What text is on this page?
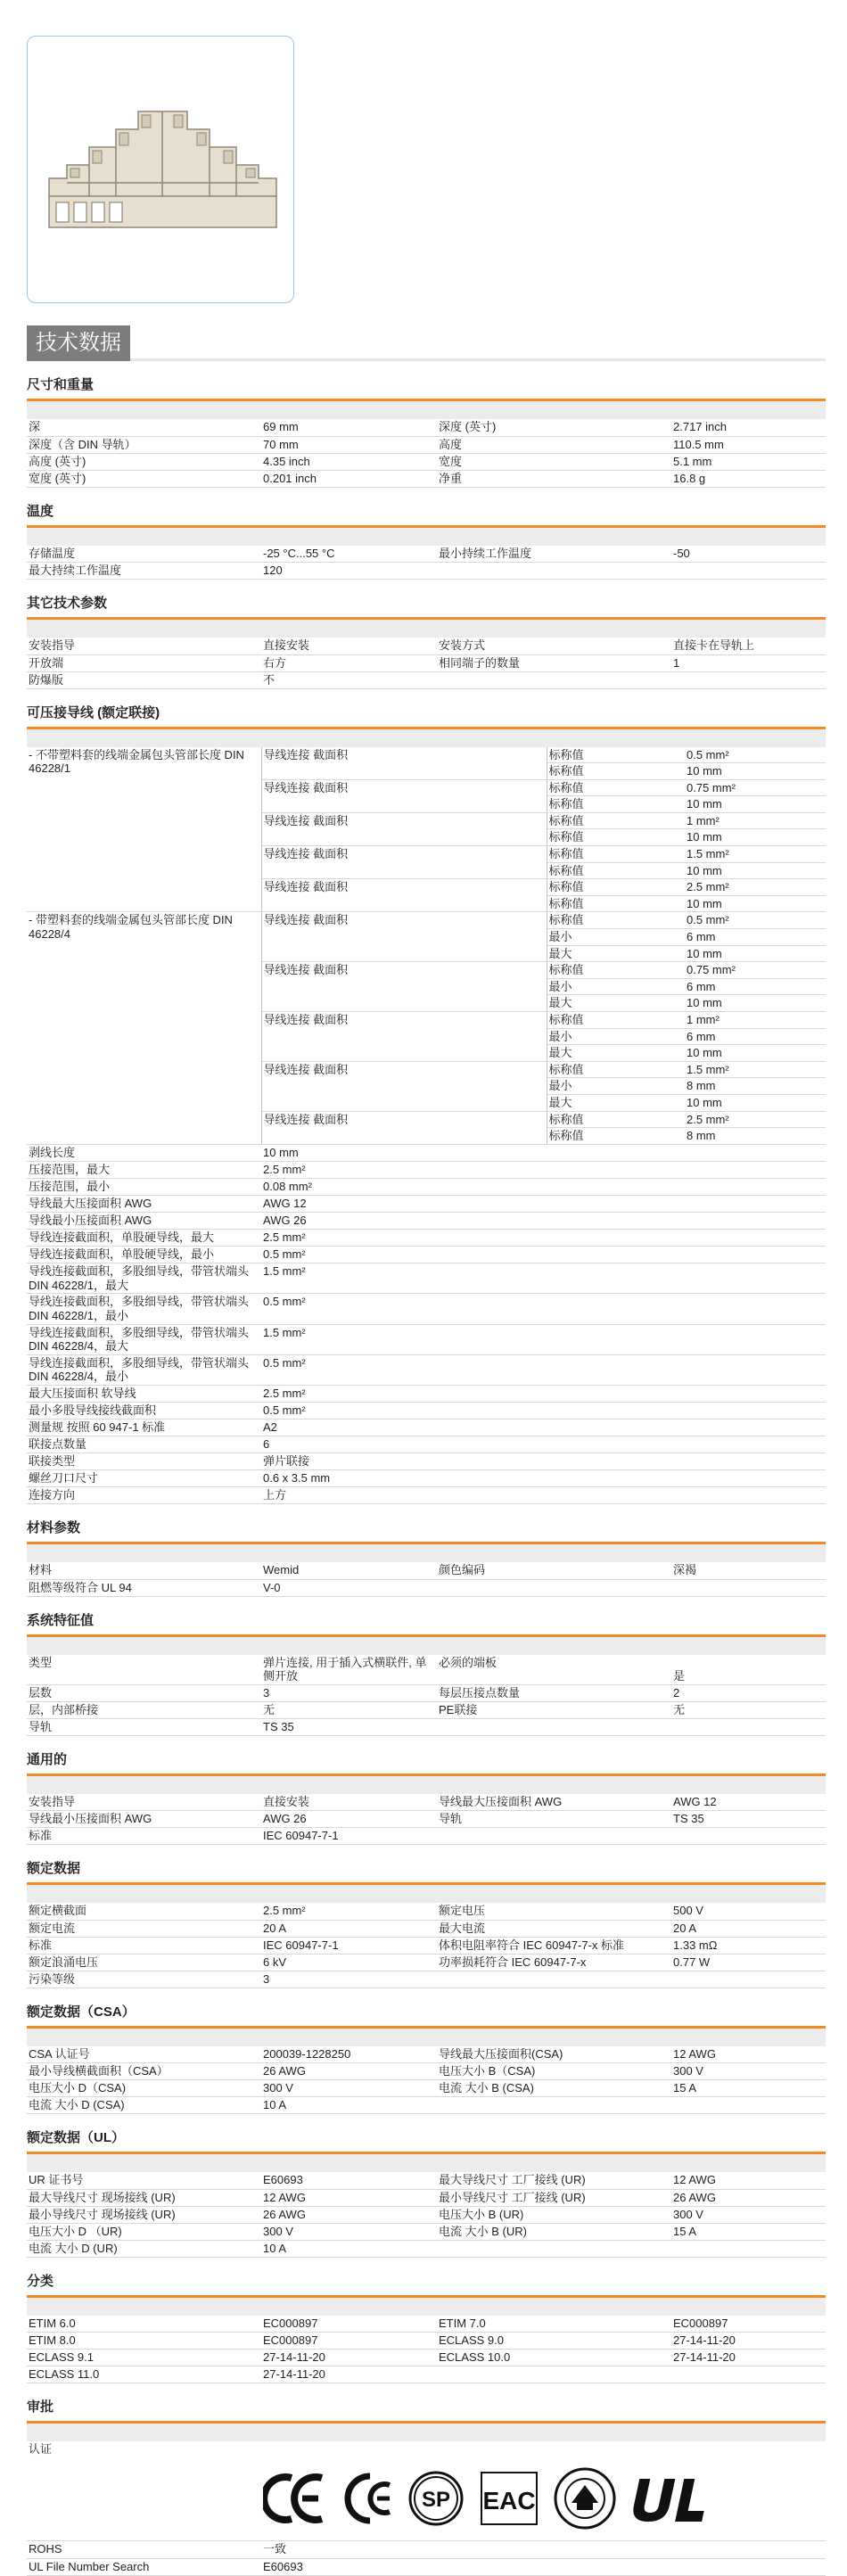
技术数据
尺寸和重量
深	69 mm	深度 (英寸)	2.717 inch
深度（含 DIN 导轨）	70 mm	高度	110.5 mm
高度 (英寸)	4.35 inch	宽度	5.1 mm
宽度 (英寸)	0.201 inch	净重	16.8 g
温度
存储温度	-25 °C...55 °C	最小持续工作温度	-50
最大持续工作温度	120		
其它技术参数
安装指导	直接安装	安装方式	直接卡在导轨上
开放端	右方	相同端子的数量	1
防爆版	不		
可压接导线 (额定联接)
- 不带塑料套的线端金属包头管部长度 DIN 46228/1	导线连接 截面积	标称值	0.5 mm²
		标称值	10 mm
	导线连接 截面积	标称值	0.75 mm²
		标称值	10 mm
	导线连接 截面积	标称值	1 mm²
		标称值	10 mm
	导线连接 截面积	标称值	1.5 mm²
		标称值	10 mm
	导线连接 截面积	标称值	2.5 mm²
		标称值	10 mm
- 带塑料套的线端金属包头管部长度 DIN 46228/4	导线连接 截面积	标称值	0.5 mm²
		最小	6 mm
		最大	10 mm
	导线连接 截面积	标称值	0.75 mm²
		最小	6 mm
		最大	10 mm
	导线连接 截面积	标称值	1 mm²
		最小	6 mm
		最大	10 mm
	导线连接 截面积	标称值	1.5 mm²
		最小	8 mm
		最大	10 mm
	导线连接 截面积	标称值	2.5 mm²
		标称值	8 mm
剥线长度	10 mm		
压接范围，最大	2.5 mm²		
压接范围，最小	0.08 mm²		
导线最大压接面积 AWG	AWG 12		
导线最小压接面积 AWG	AWG 26		
导线连接截面积，单股硬导线，最大	2.5 mm²		
导线连接截面积，单股硬导线，最小	0.5 mm²		
导线连接截面积，多股细导线，带管状端头 DIN 46228/1，最大	1.5 mm²		
导线连接截面积，多股细导线，带管状端头 DIN 46228/1，最小	0.5 mm²		
导线连接截面积，多股细导线，带管状端头 DIN 46228/4，最大	1.5 mm²		
导线连接截面积，多股细导线，带管状端头 DIN 46228/4，最小	0.5 mm²		
最大压接面积 软导线	2.5 mm²		
最小多股导线接线截面积	0.5 mm²		
测量规 按照 60 947-1 标准	A2		
联接点数量	6		
联接类型	弹片联接		
螺丝刀口尺寸	0.6 x 3.5 mm		
连接方向	上方		
材料参数
材料	Wemid	颜色编码	深褐
阻燃等级符合 UL 94	V-0		
系统特征值
类型	弹片连接, 用于插入式横联件, 单侧开放	必须的端板	是
层数	3	每层压接点数量	2
层，内部桥接	无	PE联接	无
导轨	TS 35		
通用的
安装指导	直接安装	导线最大压接面积 AWG	AWG 12
导线最小压接面积 AWG	AWG 26	导轨	TS 35
标准	IEC 60947-7-1		
额定数据
额定横截面	2.5 mm²	额定电压	500 V
额定电流	20 A	最大电流	20 A
标准	IEC 60947-7-1	体积电阻率符合 IEC 60947-7-x 标准	1.33 mΩ
额定浪涌电压	6 kV	功率损耗符合 IEC 60947-7-x	0.77 W
污染等级	3		
额定数据（CSA）
CSA 认证号	200039-1228250	导线最大压接面积(CSA)	12 AWG
最小导线横截面积（CSA）	26 AWG	电压大小 B（CSA)	300 V
电压大小 D（CSA)	300 V	电流 大小 B (CSA)	15 A
电流 大小 D (CSA)	10 A		
额定数据（UL）
UR 证书号	E60693	最大导线尺寸 工厂接线 (UR)	12 AWG
最大导线尺寸 现场接线 (UR)	12 AWG	最小导线尺寸 工厂接线 (UR)	26 AWG
最小导线尺寸 现场接线 (UR)	26 AWG	电压大小 B (UR)	300 V
电压大小 D （UR)	300 V	电流 大小 B (UR)	15 A
电流 大小 D (UR)	10 A		
分类
ETIM 6.0	EC000897	ETIM 7.0	EC000897
ETIM 8.0	EC000897	ECLASS 9.0	27-14-11-20
ECLASS 9.1	27-14-11-20	ECLASS 10.0	27-14-11-20
ECLASS 11.0	27-14-11-20		
审批
认证			
SP EAC
UL
ROHS	一致		
UL File Number Search	E60693		
